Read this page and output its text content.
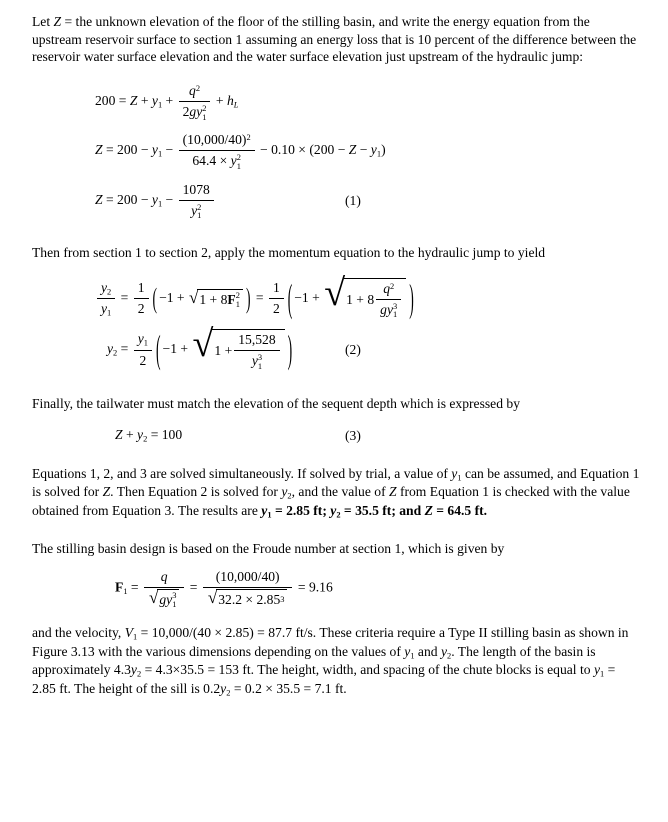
Let Z = the unknown elevation of the floor of the stilling basin, and write the energy equation from the upstream reservoir surface to section 1 assuming an energy loss that is 10 percent of the difference between the reservoir water surface elevation and the water surface elevation just upstream of the hydraulic jump:

$200 = Z + y_1 + q^2$
2gy 2
$1 + h_L$
$Z = 200 - y_1 - (10,000/40)^2$
64.4 × y 2
$1 - 0.10 \times (200 - Z - y_1)$
$Z = 200 - y_1 - 1078$
y 2
1	(1)

Then from section 1 to section 2, apply the momentum equation to the hydraulic jump to yield

$\frac{y_2}{y_1} = \frac{1}{2}$ ( −1 + √ 1 + 8 F 2
1 ) = $\frac{1}{2}$ ( −1 + √ 1 + 8 $q^2$
gy 3
1 )
$y_2 = \frac{y_1}{2}$ ( −1 + √ 1 + 15,528
y 3
1 )	(2)

Finally, the tailwater must match the elevation of the sequent depth which is expressed by

$Z + y_2 = 100$	(3)

Equations 1, 2, and 3 are solved simultaneously. If solved by trial, a value of $y_1$ can be assumed, and Equation 1 is solved for Z. Then Equation 2 is solved for $y_2$, and the value of Z from Equation 1 is checked with the value obtained from Equation 3. The results are $y_1 = 2.85$ ft; $y_2 = 35.5$ ft; and Z = 64.5 ft.

The stilling basin design is based on the Froude number at section 1, which is given by

$F_1 = q$
√ gy 3
$1 = \frac{(10,000/40)}{√ 32.2 \times 2.85 3} = 9.16$

and the velocity, $V_1 = 10,000/(40 \times 2.85) = 87.7$ ft/s. These criteria require a Type II stilling basin as shown in Figure 3.13 with the various dimensions depending on the values of $y_1$ and $y_2$. The length of the basin is approximately $4.3y_2 = 4.3\times 35.5 = 153$ ft. The height, width, and spacing of the chute blocks is equal to $y_1 = 2.85$ ft. The height of the sill is $0.2y_2 = 0.2 \times 35.5 = 7.1$ ft.
